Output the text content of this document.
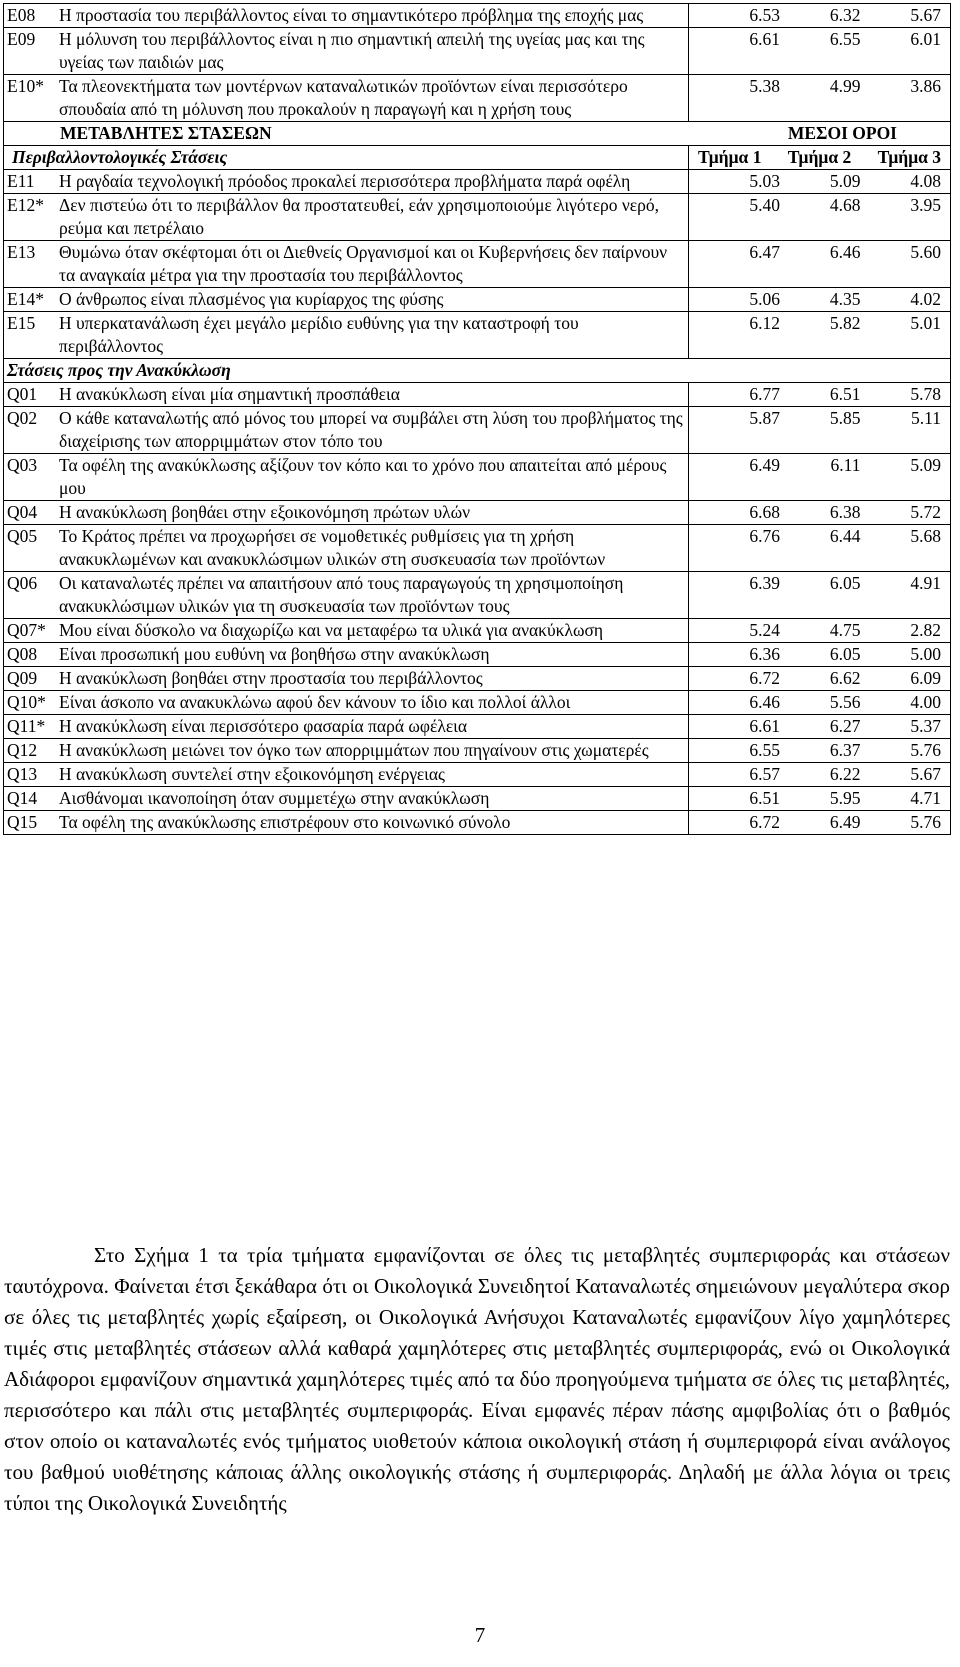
E08 Η προστασία του περιβάλλοντος είναι το σημαντικότερο πρόβλημα της εποχής μας	6.53 6.32 5.67

E09 Η μόλυνση του περιβάλλοντος είναι η πιο σημαντική απειλή της υγείας μας και της υγείας των παιδιών μας	6.61 6.55 6.01

E10* Τα πλεονεκτήματα των μοντέρνων καταναλωτικών προϊόντων είναι περισσότερο σπουδαία από τη μόλυνση που προκαλούν η παραγωγή και η χρήση τους	5.38 4.99 3.86

ΜΕΤΑΒΛΗΤΕΣ ΣΤΑΣΕΩΝ ΜΕΣΟΙ ΟΡΟΙ	

Περιβαλλοντολογικές Στάσεις	Τμήμα 1 Τμήμα 2 Τμήμα 3

E11 Η ραγδαία τεχνολογική πρόοδος προκαλεί περισσότερα προβλήματα παρά οφέλη	5.03 5.09 4.08

E12* Δεν πιστεύω ότι το περιβάλλον θα προστατευθεί, εάν χρησιμοποιούμε λιγότερο νερό, ρεύμα και πετρέλαιο	5.40 4.68 3.95

E13 Θυμώνω όταν σκέφτομαι ότι οι Διεθνείς Οργανισμοί και οι Κυβερνήσεις δεν παίρνουν τα αναγκαία μέτρα για την προστασία του περιβάλλοντος	6.47 6.46 5.60

E14* Ο άνθρωπος είναι πλασμένος για κυρίαρχος της φύσης	5.06 4.35 4.02

E15 Η υπερκατανάλωση έχει μεγάλο μερίδιο ευθύνης για την καταστροφή του περιβάλλοντος	6.12 5.82 5.01

Στάσεις προς την Ανακύκλωση	

Q01 Η ανακύκλωση είναι μία σημαντική προσπάθεια	6.77 6.51 5.78

Q02 Ο κάθε καταναλωτής από μόνος του μπορεί να συμβάλει στη λύση του προβλήματος της διαχείρισης των απορριμμάτων στον τόπο του	5.87 5.85 5.11

Q03 Τα οφέλη της ανακύκλωσης αξίζουν τον κόπο και το χρόνο που απαιτείται από μέρους μου	6.49 6.11 5.09

Q04 Η ανακύκλωση βοηθάει στην εξοικονόμηση πρώτων υλών	6.68 6.38 5.72

Q05 Το Κράτος πρέπει να προχωρήσει σε νομοθετικές ρυθμίσεις για τη χρήση ανακυκλωμένων και ανακυκλώσιμων υλικών στη συσκευασία των προϊόντων	6.76 6.44 5.68

Q06 Οι καταναλωτές πρέπει να απαιτήσουν από τους παραγωγούς τη χρησιμοποίηση ανακυκλώσιμων υλικών για τη συσκευασία των προϊόντων τους	6.39 6.05 4.91

Q07* Μου είναι δύσκολο να διαχωρίζω και να μεταφέρω τα υλικά για ανακύκλωση	5.24 4.75 2.82

Q08 Είναι προσωπική μου ευθύνη να βοηθήσω στην ανακύκλωση	6.36 6.05 5.00

Q09 Η ανακύκλωση βοηθάει στην προστασία του περιβάλλοντος	6.72 6.62 6.09

Q10* Είναι άσκοπο να ανακυκλώνω αφού δεν κάνουν το ίδιο και πολλοί άλλοι	6.46 5.56 4.00

Q11* Η ανακύκλωση είναι περισσότερο φασαρία παρά ωφέλεια	6.61 6.27 5.37

Q12 Η ανακύκλωση μειώνει τον όγκο των απορριμμάτων που πηγαίνουν στις χωματερές	6.55 6.37 5.76

Q13 Η ανακύκλωση συντελεί στην εξοικονόμηση ενέργειας	6.57 6.22 5.67

Q14 Αισθάνομαι ικανοποίηση όταν συμμετέχω στην ανακύκλωση	6.51 5.95 4.71

Q15 Τα οφέλη της ανακύκλωσης επιστρέφουν στο κοινωνικό σύνολο	6.72 6.49 5.76
Στο Σχήμα 1 τα τρία τμήματα εμφανίζονται σε όλες τις μεταβλητές συμπεριφοράς και στάσεων ταυτόχρονα. Φαίνεται έτσι ξεκάθαρα ότι οι Οικολογικά Συνειδητοί Καταναλωτές σημειώνουν μεγαλύτερα σκορ σε όλες τις μεταβλητές χωρίς εξαίρεση, οι Οικολογικά Ανήσυχοι Καταναλωτές εμφανίζουν λίγο χαμηλότερες τιμές στις μεταβλητές στάσεων αλλά καθαρά χαμηλότερες στις μεταβλητές συμπεριφοράς, ενώ οι Οικολογικά Αδιάφοροι εμφανίζουν σημαντικά χαμηλότερες τιμές από τα δύο προηγούμενα τμήματα σε όλες τις μεταβλητές, περισσότερο και πάλι στις μεταβλητές συμπεριφοράς. Είναι εμφανές πέραν πάσης αμφιβολίας ότι ο βαθμός στον οποίο οι καταναλωτές ενός τμήματος υιοθετούν κάποια οικολογική στάση ή συμπεριφορά είναι ανάλογος του βαθμού υιοθέτησης κάποιας άλλης οικολογικής στάσης ή συμπεριφοράς. Δηλαδή με άλλα λόγια οι τρεις τύποι της Οικολογικά Συνειδητής
7
